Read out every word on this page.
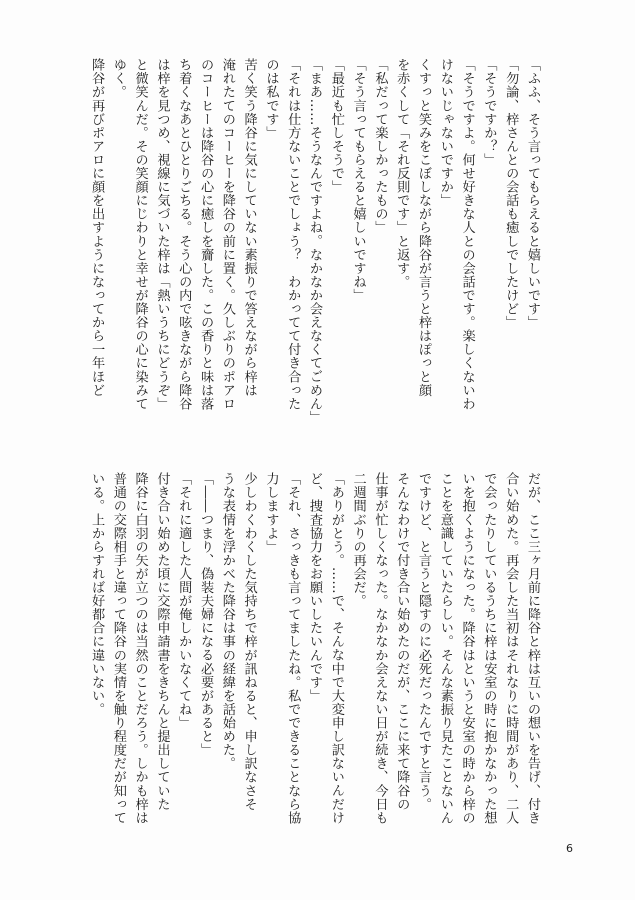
「ふふ、そう言ってもらえると嬉しいです」
「勿論、梓さんとの会話も癒しでしたけど」
「そうですか？」
「そうですよ。何せ好きな人との会話です。楽しくないわ
けないじゃないですか」
くすっと笑みをこぼしながら降谷が言うと梓はぽっと顔
を赤くして「それ反則です」と返す。
「私だって楽しかったもの」
「そう言ってもらえると嬉しいですね」
「最近も忙しそうで」
「まあ……そうなんですよね。なかなか会えなくてごめん」
「それは仕方ないことでしょう？　わかってて付き合った
のは私です」
苦く笑う降谷に気にしていない素振りで答えながら梓は
淹れたてのコーヒーを降谷の前に置く。久しぶりのポアロ
のコーヒーは降谷の心に癒しを齎した。この香りと味は落
ち着くなあとひとりごちる。そう心の内で呟きながら降谷
は梓を見つめ、視線に気づいた梓は「熱いうちにどうぞ」
と微笑んだ。その笑顔にじわりと幸せが降谷の心に染みて
ゆく。
降谷が再びポアロに顔を出すようになってから一年ほど
だが、ここ三ヶ月前に降谷と梓は互いの想いを告げ、付き
合い始めた。再会した当初はそれなりに時間があり、二人
で会ったりしているうちに梓は安室の時に抱かなかった想
いを抱くようになった。降谷はというと安室の時から梓の
ことを意識していたらしい。そんな素振り見たことないん
ですけど、と言うと隠すのに必死だったんですと言う。
そんなわけで付き合い始めたのだが、ここに来て降谷の
仕事が忙しくなった。なかなか会えない日が続き、今日も
二週間ぶりの再会だ。
「ありがとう。……で、そんな中で大変申し訳ないんだけ
ど、捜査協力をお願いしたいんです」
「それ、さっきも言ってましたね。私でできることなら協
力しますよ」
少しわくわくした気持ちで梓が訊ねると、申し訳なさそ
うな表情を浮かべた降谷は事の経緯を話始めた。
「――つまり、偽装夫婦になる必要があると」
「それに適した人間が俺しかいなくてね」
付き合い始めた頃に交際申請書をきちんと提出していた
降谷に白羽の矢が立つのは当然のことだろう。しかも梓は
普通の交際相手と違って降谷の実情を触り程度だが知って
いる。上からすれば好都合に違いない。
6
